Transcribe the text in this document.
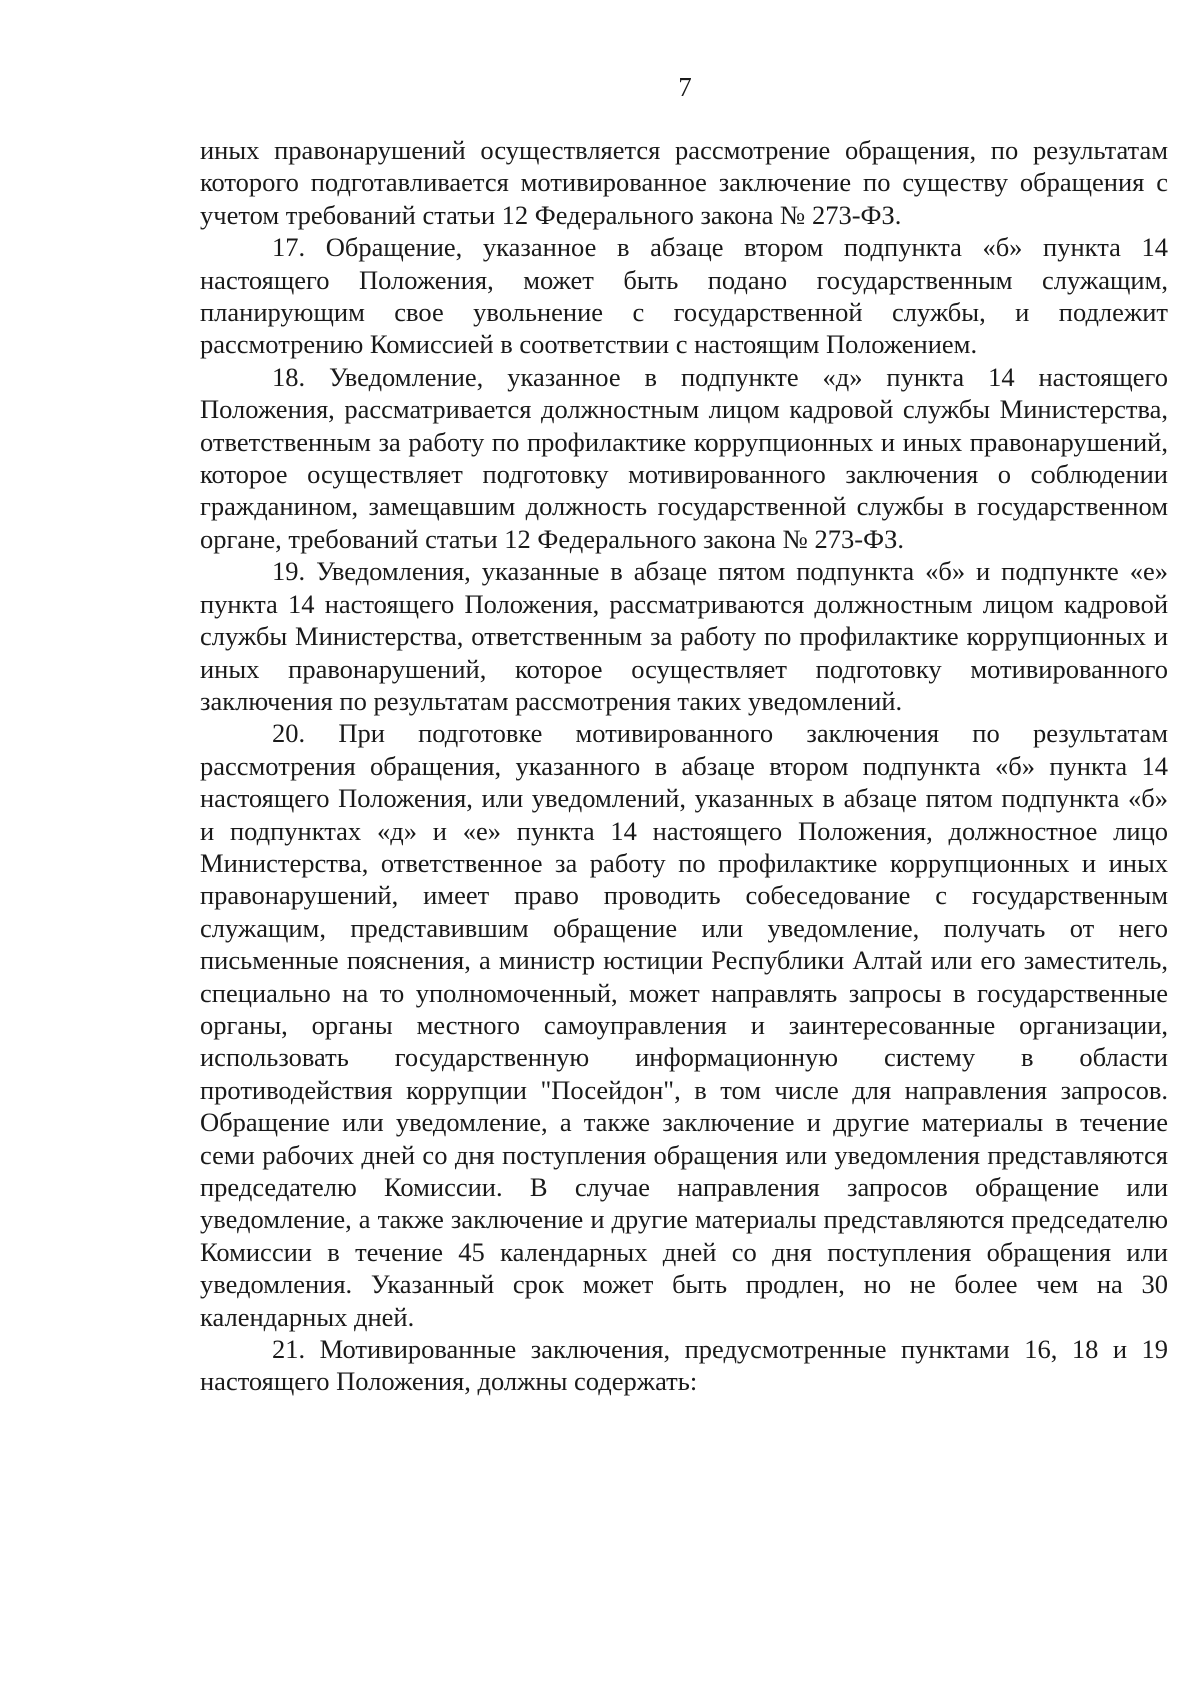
7

иных правонарушений осуществляется рассмотрение обращения, по результатам которого подготавливается мотивированное заключение по существу обращения с учетом требований статьи 12 Федерального закона № 273-ФЗ.

17. Обращение, указанное в абзаце втором подпункта «б» пункта 14 настоящего Положения, может быть подано государственным служащим, планирующим свое увольнение с государственной службы, и подлежит рассмотрению Комиссией в соответствии с настоящим Положением.

18. Уведомление, указанное в подпункте «д» пункта 14 настоящего Положения, рассматривается должностным лицом кадровой службы Министерства, ответственным за работу по профилактике коррупционных и иных правонарушений, которое осуществляет подготовку мотивированного заключения о соблюдении гражданином, замещавшим должность государственной службы в государственном органе, требований статьи 12 Федерального закона № 273-ФЗ.

19. Уведомления, указанные в абзаце пятом подпункта «б» и подпункте «е» пункта 14 настоящего Положения, рассматриваются должностным лицом кадровой службы Министерства, ответственным за работу по профилактике коррупционных и иных правонарушений, которое осуществляет подготовку мотивированного заключения по результатам рассмотрения таких уведомлений.

20. При подготовке мотивированного заключения по результатам рассмотрения обращения, указанного в абзаце втором подпункта «б» пункта 14 настоящего Положения, или уведомлений, указанных в абзаце пятом подпункта «б» и подпунктах «д» и «е» пункта 14 настоящего Положения, должностное лицо Министерства, ответственное за работу по профилактике коррупционных и иных правонарушений, имеет право проводить собеседование с государственным служащим, представившим обращение или уведомление, получать от него письменные пояснения, а министр юстиции Республики Алтай или его заместитель, специально на то уполномоченный, может направлять запросы в государственные органы, органы местного самоуправления и заинтересованные организации, использовать государственную информационную систему в области противодействия коррупции "Посейдон", в том числе для направления запросов. Обращение или уведомление, а также заключение и другие материалы в течение семи рабочих дней со дня поступления обращения или уведомления представляются председателю Комиссии. В случае направления запросов обращение или уведомление, а также заключение и другие материалы представляются председателю Комиссии в течение 45 календарных дней со дня поступления обращения или уведомления. Указанный срок может быть продлен, но не более чем на 30 календарных дней.

21. Мотивированные заключения, предусмотренные пунктами 16, 18 и 19 настоящего Положения, должны содержать:
